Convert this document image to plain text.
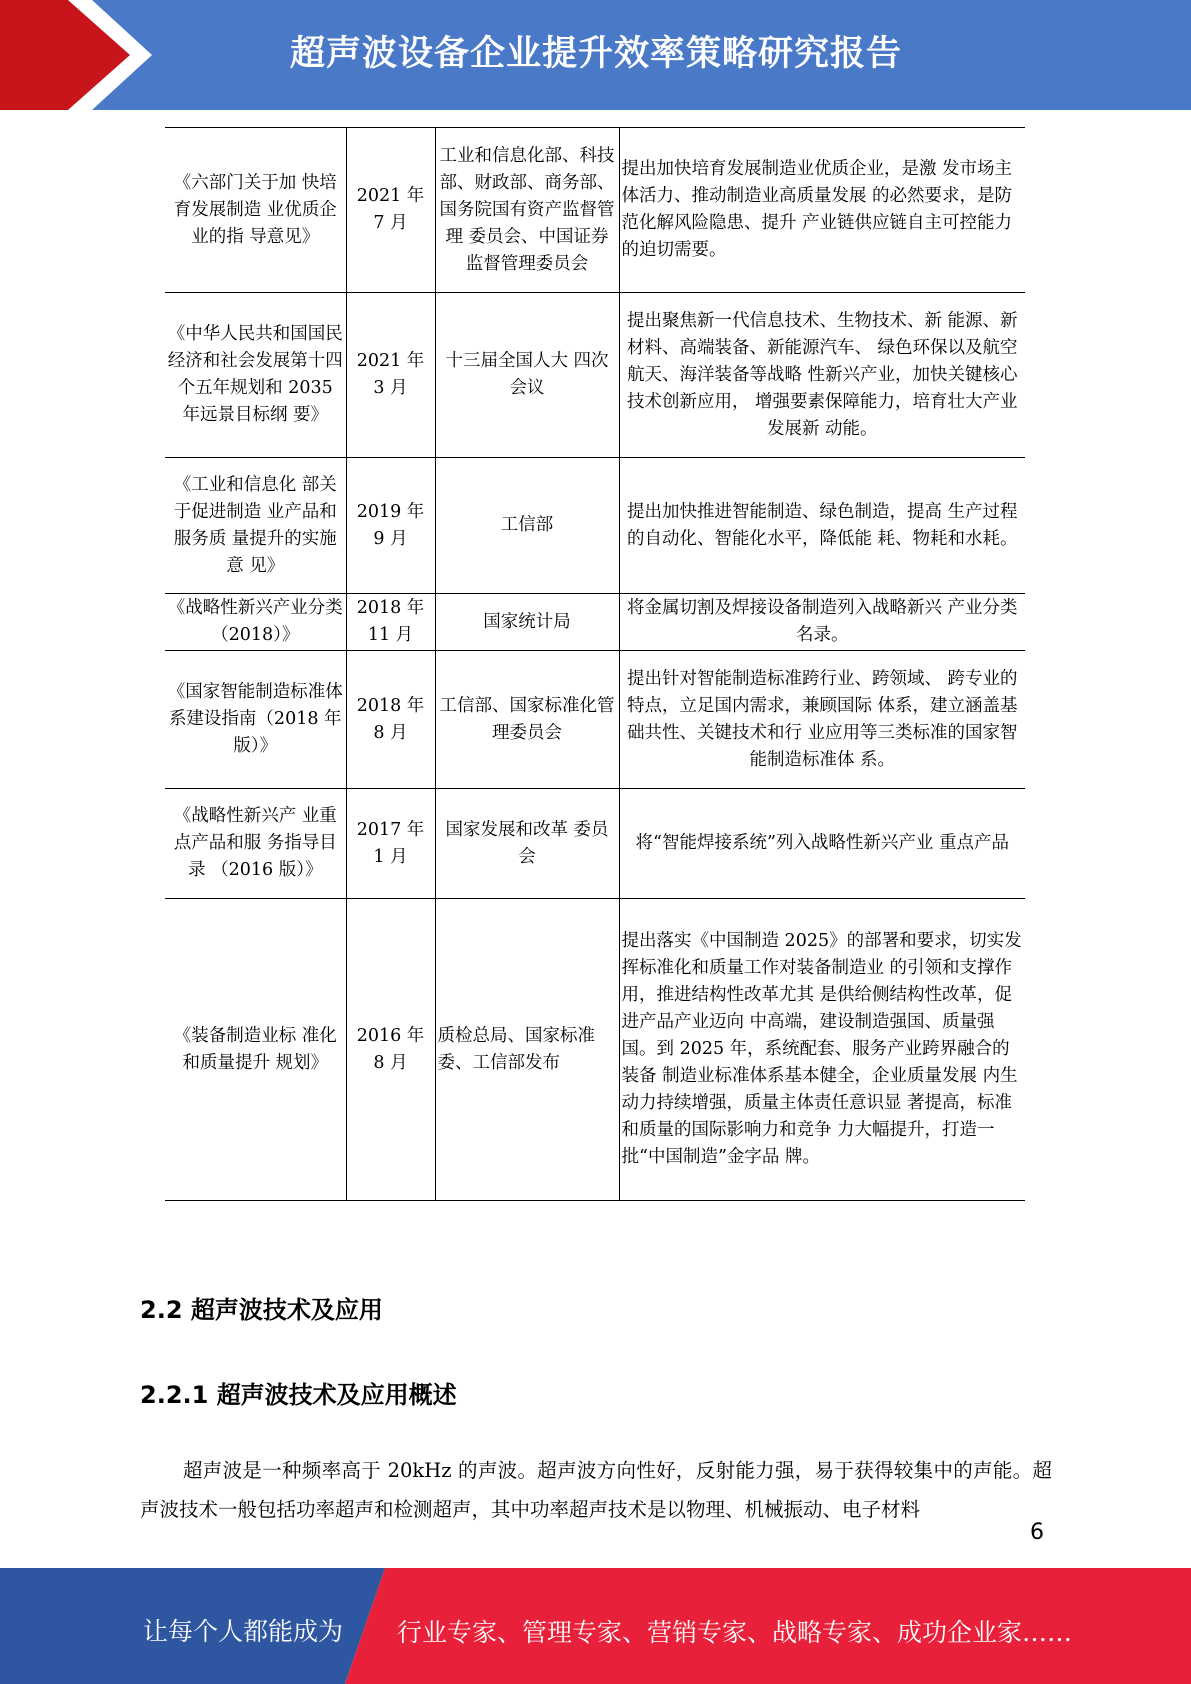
超声波设备企业提升效率策略研究报告
《六部门关于加 快培育发展制造 业优质企业的指 导意见》	2021 年 7 月	工业和信息化部、科技部、财政部、商务部、国务院国有资产监督管理 委员会、中国证券 监督管理委员会	提出加快培育发展制造业优质企业，是激 发市场主体活力、推动制造业高质量发展 的必然要求，是防范化解风险隐患、提升 产业链供应链自主可控能力的迫切需要。
《中华人民共和国国民经济和社会发展第十四个五年规划和 2035 年远景目标纲 要》	2021 年 3 月	十三届全国人大 四次会议	提出聚焦新一代信息技术、生物技术、新 能源、新材料、高端装备、新能源汽车、 绿色环保以及航空航天、海洋装备等战略 性新兴产业，加快关键核心技术创新应用， 增强要素保障能力，培育壮大产业发展新 动能。
《工业和信息化 部关于促进制造 业产品和服务质 量提升的实施意 见》	2019 年 9 月	工信部	提出加快推进智能制造、绿色制造，提高 生产过程的自动化、智能化水平，降低能 耗、物耗和水耗。
《战略性新兴产业分类（2018）》	2018 年 11 月	国家统计局	将金属切割及焊接设备制造列入战略新兴 产业分类名录。
《国家智能制造标准体系建设指南（2018 年版）》	2018 年 8 月	工信部、国家标准化管理委员会	提出针对智能制造标准跨行业、跨领域、 跨专业的特点，立足国内需求，兼顾国际 体系，建立涵盖基础共性、关键技术和行 业应用等三类标准的国家智能制造标准体 系。
《战略性新兴产 业重点产品和服 务指导目录 （2016 版）》	2017 年 1 月	国家发展和改革 委员会	将“智能焊接系统”列入战略性新兴产业 重点产品
《装备制造业标 准化和质量提升 规划》	2016 年 8 月	质检总局、国家标准委、工信部发布	提出落实《中国制造 2025》的部署和要求，切实发挥标准化和质量工作对装备制造业 的引领和支撑作用，推进结构性改革尤其 是供给侧结构性改革，促进产品产业迈向 中高端，建设制造强国、质量强国。到 2025 年，系统配套、服务产业跨界融合的装备 制造业标准体系基本健全，企业质量发展 内生动力持续增强，质量主体责任意识显 著提高，标准和质量的国际影响力和竞争 力大幅提升，打造一批“中国制造”金字品 牌。
2.2 超声波技术及应用
2.2.1 超声波技术及应用概述
超声波是一种频率高于 20kHz 的声波。超声波方向性好，反射能力强，易于获得较集中的声能。超声波技术一般包括功率超声和检测超声，其中功率超声技术是以物理、机械振动、电子材料
6
让每个人都能成为 行业专家、管理专家、营销专家、战略专家、成功企业家……
